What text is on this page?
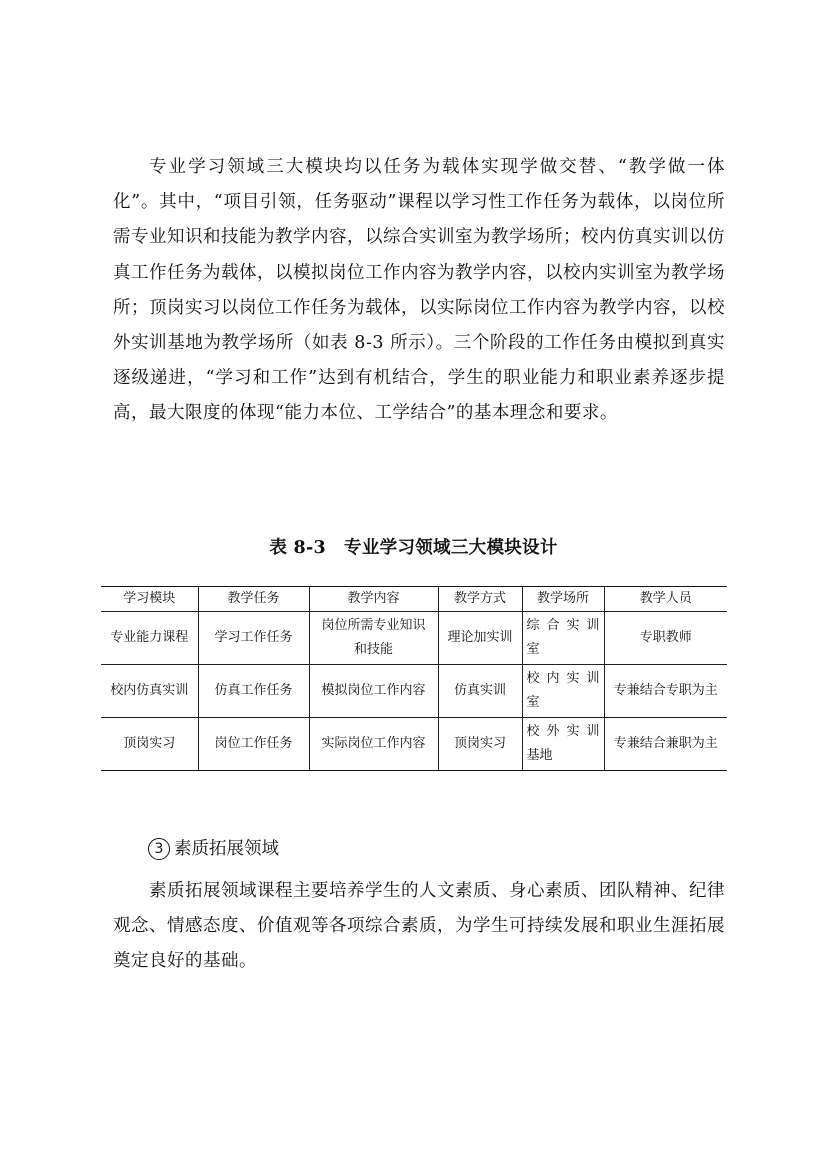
专业学习领域三大模块均以任务为载体实现学做交替、“教学做一体化”。其中，“项目引领，任务驱动”课程以学习性工作任务为载体，以岗位所需专业知识和技能为教学内容，以综合实训室为教学场所；校内仿真实训以仿真工作任务为载体，以模拟岗位工作内容为教学内容，以校内实训室为教学场所；顶岗实习以岗位工作任务为载体，以实际岗位工作内容为教学内容，以校外实训基地为教学场所（如表 8-3 所示）。三个阶段的工作任务由模拟到真实逐级递进，“学习和工作”达到有机结合，学生的职业能力和职业素养逐步提高，最大限度的体现“能力本位、工学结合”的基本理念和要求。

表 8-3 专业学习领域三大模块设计
学习模块	教学任务	教学内容	教学方式	教学场所	教学人员
专业能力课程	学习工作任务	岗位所需专业知识和技能	理论加实训	综 合 实 训 室	专职教师
校内仿真实训	仿真工作任务	模拟岗位工作内容	仿真实训	校 内 实 训 室	专兼结合专职为主
顶岗实习	岗位工作任务	实际岗位工作内容	顶岗实习	校 外 实 训 基地	专兼结合兼职为主
3 素质拓展领域

素质拓展领域课程主要培养学生的人文素质、身心素质、团队精神、纪律观念、情感态度、价值观等各项综合素质，为学生可持续发展和职业生涯拓展奠定良好的基础。
